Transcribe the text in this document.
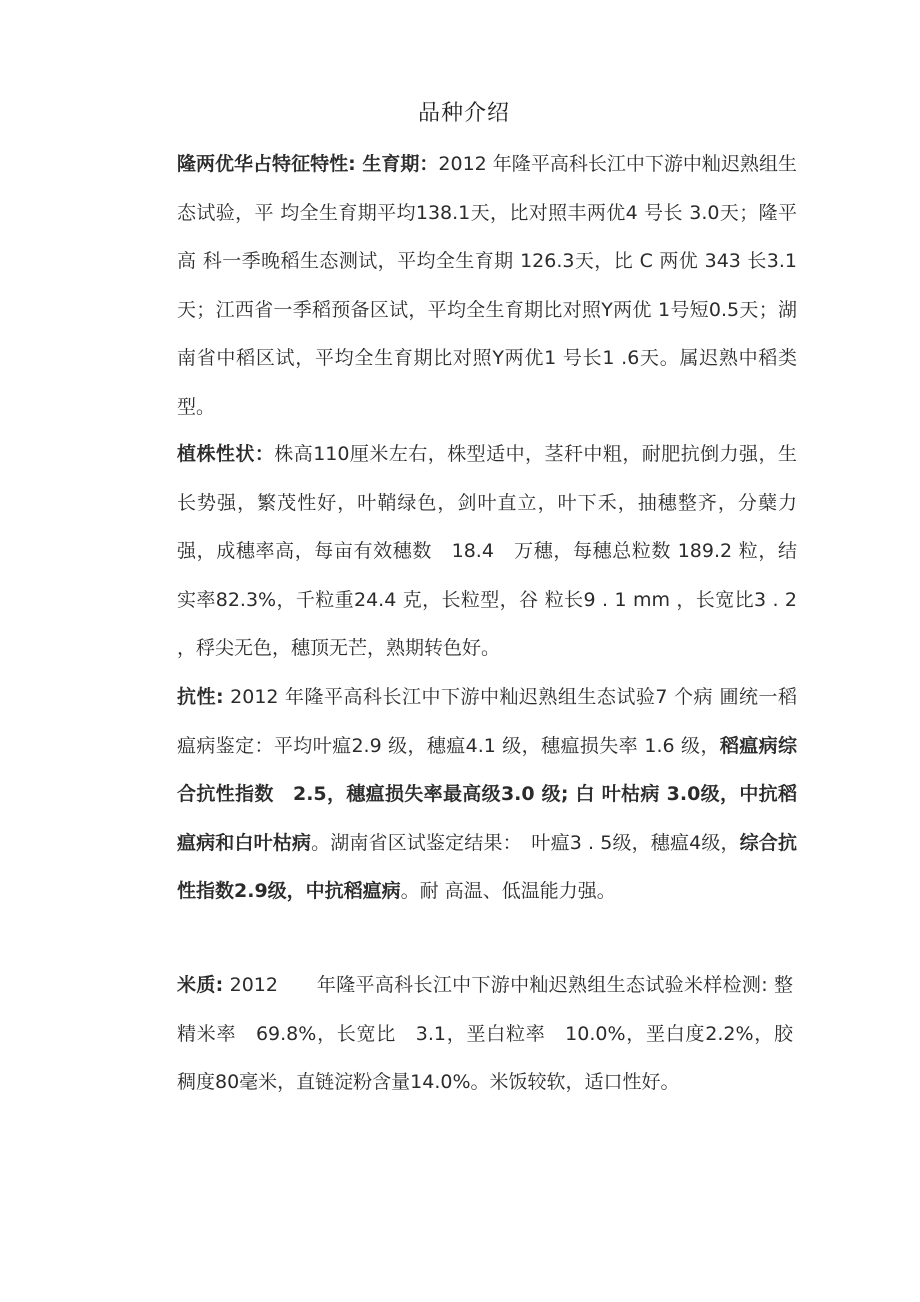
品种介绍
隆两优华占特征特性: 生育期：2012 年隆平高科长江中下游中籼迟熟组生态试验，平 均全生育期平均138.1天，比对照丰两优4 号长 3.0天；隆平高 科一季晚稻生态测试，平均全生育期 126.3天，比 C 两优 343 长3.1天；江西省一季稻预备区试，平均全生育期比对照Y两优 1号短0.5天；湖南省中稻区试，平均全生育期比对照Y两优1 号长1 .6天。属迟熟中稻类型。
植株性状：株高110厘米左右，株型适中，茎秆中粗，耐肥抗倒力强，生长势强，繁茂性好，叶鞘绿色，剑叶直立，叶下禾，抽穗整齐，分蘖力强，成穗率高，每亩有效穗数　18.4　万穗，每穗总粒数 189.2 粒，结实率82.3%，千粒重24.4 克，长粒型，谷 粒长9 . 1 mm ，长宽比3 . 2 ，稃尖无色，穗顶无芒，熟期转色好。
抗性: 2012 年隆平高科长江中下游中籼迟熟组生态试验7 个病 圃统一稻瘟病鉴定：平均叶瘟2.9 级，穗瘟4.1 级，穗瘟损失率 1.6 级，稻瘟病综合抗性指数　2.5，穗瘟损失率最高级3.0 级; 白 叶枯病 3.0级，中抗稻瘟病和白叶枯病。湖南省区试鉴定结果：　叶瘟3 . 5级，穗瘟4级，综合抗性指数2.9级，中抗稻瘟病。耐 高温、低温能力强。
米质: 2012　　年隆平高科长江中下游中籼迟熟组生态试验米样检测: 整精米率　69.8%，长宽比　3.1，垩白粒率　10.0%，垩白度2.2%，胶稠度80毫米，直链淀粉含量14.0%。米饭较软，适口性好。
